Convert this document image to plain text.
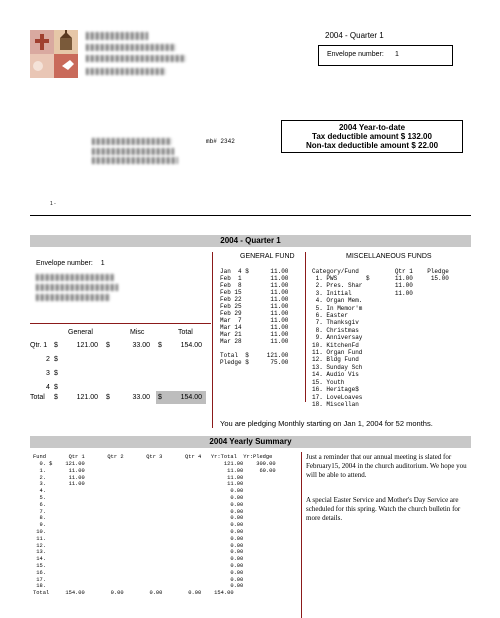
2004 - Quarter 1
Envelope number: 1
mb# 2342
2004 Year-to-date
Tax deductible amount $ 132.00
Non-tax deductible amount $ 22.00
1 -
2004 - Quarter 1
Envelope number: 1
General	Misc	Total
Qtr. 1 $	121.00 $	33.00 $	154.00
2 $
3 $
4 $
Total $	121.00 $	33.00 $	154.00
GENERAL FUND
Jan  4 $      11.00
Feb  1        11.00
Feb  8        11.00
Feb 15        11.00
Feb 22        11.00
Feb 25        11.00
Feb 29        11.00
Mar  7        11.00
Mar 14        11.00
Mar 21        11.00
Mar 28        11.00
Total  $     121.00
Pledge $      75.00
MISCELLANEOUS FUNDS
Category/Fund          Qtr 1    Pledge
1. PWS        $       11.00     15.00
2. Pres. Shar         11.00
3. Initial            11.00
4. Organ Mem.
5. In Memor'm
6. Easter
7. Thanksgiv
8. Christmas
9. Anniversay
10. KitchenFd
11. Organ Fund
12. Bldg Fund
13. Sunday Sch
14. Audio Vis
15. Youth
16. Heritage$
17. LoveLoaves
18. Miscellan
You are pledging Monthly starting on Jan 1, 2004 for 52 months.
2004 Yearly Summary
Fund       Qtr 1       Qtr 2       Qtr 3       Qtr 4   Yr:Total  Yr:Pledge
0. $    121.00                                           121.00    300.00
1.       11.00                                            11.00     60.00
2.       11.00                                            11.00
3.       11.00                                            11.00
4.                                                         0.00
5.                                                         0.00
6.                                                         0.00
7.                                                         0.00
8.                                                         0.00
9.                                                         0.00
10.                                                         0.00
11.                                                         0.00
12.                                                         0.00
13.                                                         0.00
14.                                                         0.00
15.                                                         0.00
16.                                                         0.00
17.                                                         0.00
18.                                                         0.00
Total     154.00        0.00        0.00        0.00    154.00
Just a reminder that our annual meeting is slated for February15, 2004 in the church auditorium. We hope you will be able to attend.
A special Easter Service and Mother's Day Service are scheduled for this spring. Watch the church bulletin for more details.
